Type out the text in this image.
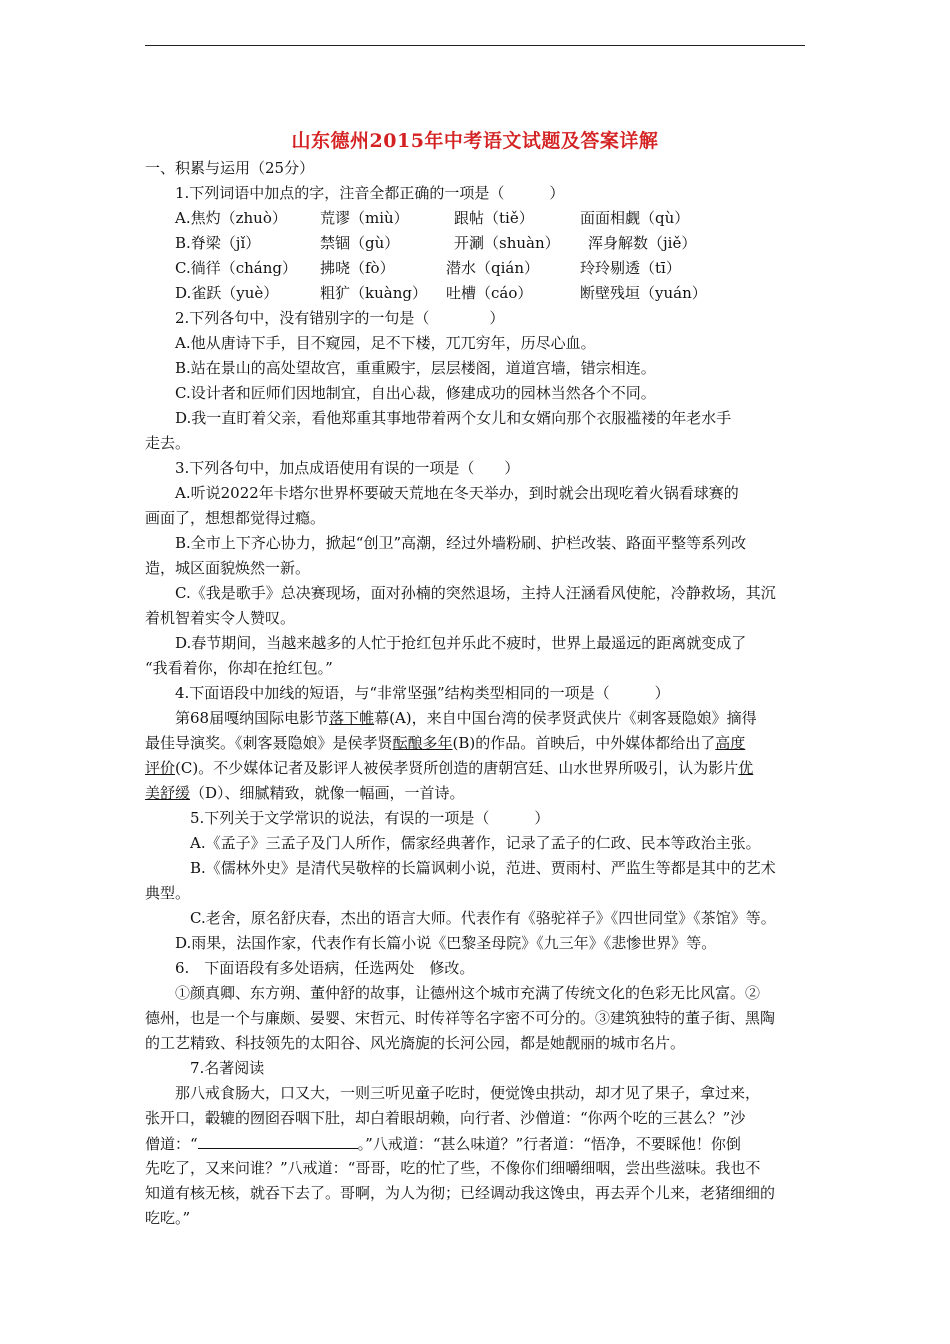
山东德州2015年中考语文试题及答案详解
一、积累与运用（25分）
1.下列词语中加点的字，注音全都正确的一项是（　　　）
A.焦灼（zhuò） 荒谬（miù）	跟帖（tiě）	面面相觑（qù）
B.脊梁（jǐ）	禁锢（gù）	开涮（shuàn） 浑身解数（jiě）
C.徜徉（cháng） 拂哓（fò）	潜水（qián）	玲玲剔透（tī）
D.雀跃（yuè）	粗犷（kuàng） 吐槽（cáo）	断壁残垣（yuán）
2.下列各句中，没有错别字的一句是（　　　　）
A.他从唐诗下手，目不窥园，足不下楼，兀兀穷年，历尽心血。
B.站在景山的高处望故宫，重重殿宇，层层楼阁，道道宫墙，错宗相连。
C.设计者和匠师们因地制宜，自出心裁，修建成功的园林当然各个不同。
D.我一直盯着父亲，看他郑重其事地带着两个女儿和女婿向那个衣服褴褛的年老水手
走去。
3.下列各句中，加点成语使用有误的一项是（　　）
A.听说2022年卡塔尔世界杯要破天荒地在冬天举办，到时就会出现吃着火锅看球赛的
画面了，想想都觉得过瘾。
B.全市上下齐心协力，掀起“创卫”高潮，经过外墙粉刷、护栏改装、路面平整等系列改
造，城区面貌焕然一新。
C.《我是歌手》总决赛现场，面对孙楠的突然退场，主持人汪涵看风使舵，冷静救场，其沉
着机智着实令人赞叹。
D.春节期间，当越来越多的人忙于抢红包并乐此不疲时，世界上最遥远的距离就变成了
“我看着你，你却在抢红包。”
4.下面语段中加线的短语，与“非常坚强”结构类型相同的一项是（　　　）
第68届嘎纳国际电影节落下帷幕(A)，来自中国台湾的侯孝贤武侠片《刺客聂隐娘》摘得
最佳导演奖。《刺客聂隐娘》是侯孝贤酝酿多年(B)的作品。首映后，中外媒体都给出了高度
评价(C)。不少媒体记者及影评人被侯孝贤所创造的唐朝宫廷、山水世界所吸引，认为影片优
美舒缓（D）、细腻精致，就像一幅画，一首诗。
5.下列关于文学常识的说法，有误的一项是（　　　）
A.《孟子》三孟子及门人所作，儒家经典著作，记录了孟子的仁政、民本等政治主张。
B.《儒林外史》是清代吴敬梓的长篇讽刺小说，范进、贾雨村、严监生等都是其中的艺术
典型。
C.老舍，原名舒庆春，杰出的语言大师。代表作有《骆驼祥子》《四世同堂》《茶馆》等。
D.雨果，法国作家，代表作有长篇小说《巴黎圣母院》《九三年》《悲惨世界》等。
6.　下面语段有多处语病，任选两处　修改。
①颜真卿、东方朔、董仲舒的故事，让德州这个城市充满了传统文化的色彩无比风富。②
德州，也是一个与廉颇、晏婴、宋哲元、时传祥等名字密不可分的。③建筑独特的董子街、黑陶
的工艺精致、科技领先的太阳谷、风光旖旎的长河公园，都是她靓丽的城市名片。
7.名著阅读
那八戒食肠大，口又大，一则三听见童子吃时，便觉馋虫拱动，却才见了果子，拿过来，
张开口，轂辘的囫囵吞咽下肚，却白着眼胡赖，向行者、沙僧道：“你两个吃的三甚么？”沙
僧道：“	。”八戒道：“甚么味道？”行者道：“悟净，不要睬他！你倒
先吃了，又来问谁？”八戒道：“哥哥，吃的忙了些，不像你们细嚼细咽，尝出些滋味。我也不
知道有核无核，就吞下去了。哥啊，为人为彻；已经调动我这馋虫，再去弄个儿来，老猪细细的
吃吃。”
